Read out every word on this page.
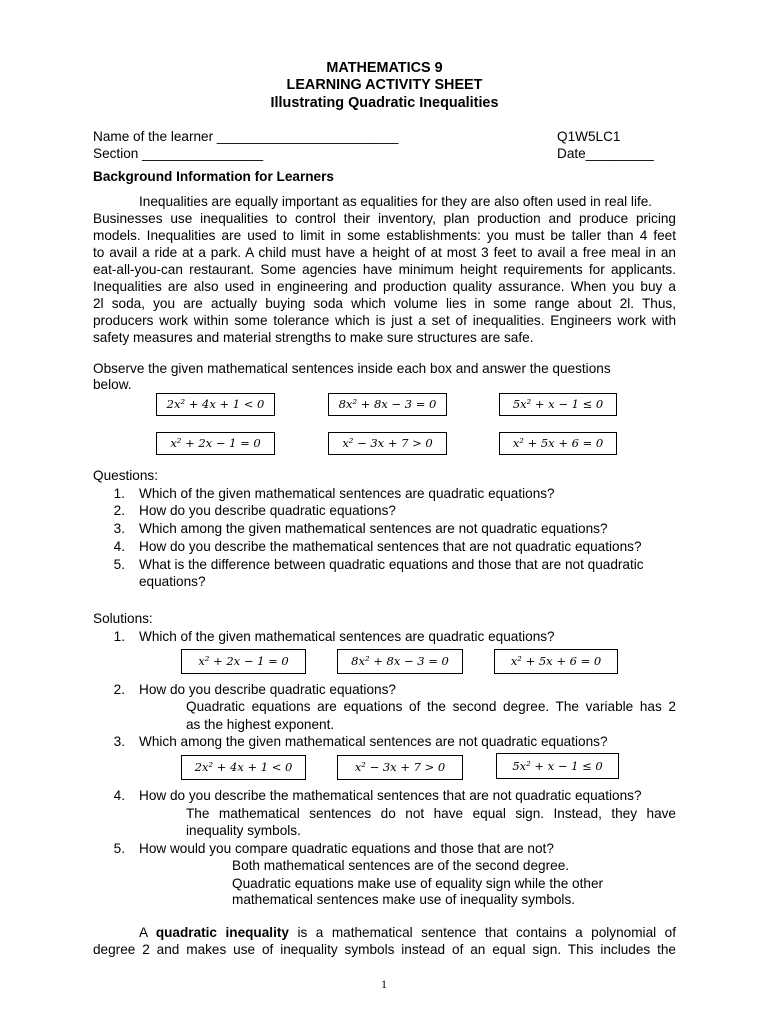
MATHEMATICS 9
LEARNING ACTIVITY SHEET
Illustrating Quadratic Inequalities
Name of the learner ________________________	Q1W5LC1
Section ________________	Date_________
Background Information for Learners
Inequalities are equally important as equalities for they are also often used in real life.
Businesses use inequalities to control their inventory, plan production and produce pricing
models. Inequalities are used to limit in some establishments: you must be taller than 4 feet
to avail a ride at a park. A child must have a height of at most 3 feet to avail a free meal in an
eat-all-you-can restaurant. Some agencies have minimum height requirements for applicants.
Inequalities are also used in engineering and production quality assurance. When you buy a
2l soda, you are actually buying soda which volume lies in some range about 2l. Thus,
producers work within some tolerance which is just a set of inequalities. Engineers work with
safety measures and material strengths to make sure structures are safe.
Observe the given mathematical sentences inside each box and answer the questions
below.
2x² + 4x + 1 < 0	8x² + 8x − 3 = 0	5x² + x − 1 ≤ 0
x² + 2x − 1 = 0	x² − 3x + 7 > 0	x² + 5x + 6 = 0
Questions:
1. Which of the given mathematical sentences are quadratic equations?
2. How do you describe quadratic equations?
3. Which among the given mathematical sentences are not quadratic equations?
4. How do you describe the mathematical sentences that are not quadratic equations?
5. What is the difference between quadratic equations and those that are not quadratic
equations?
Solutions:
1. Which of the given mathematical sentences are quadratic equations?
x² + 2x − 1 = 0	8x² + 8x − 3 = 0	x² + 5x + 6 = 0
2. How do you describe quadratic equations?
Quadratic equations are equations of the second degree. The variable has 2
as the highest exponent.
3. Which among the given mathematical sentences are not quadratic equations?
2x² + 4x + 1 < 0	x² − 3x + 7 > 0	5x² + x − 1 ≤ 0
4. How do you describe the mathematical sentences that are not quadratic equations?
The mathematical sentences do not have equal sign. Instead, they have
inequality symbols.
5. How would you compare quadratic equations and those that are not?
Both mathematical sentences are of the second degree.
Quadratic equations make use of equality sign while the other
mathematical sentences make use of inequality symbols.
A quadratic inequality is a mathematical sentence that contains a polynomial of
degree 2 and makes use of inequality symbols instead of an equal sign. This includes the
1
